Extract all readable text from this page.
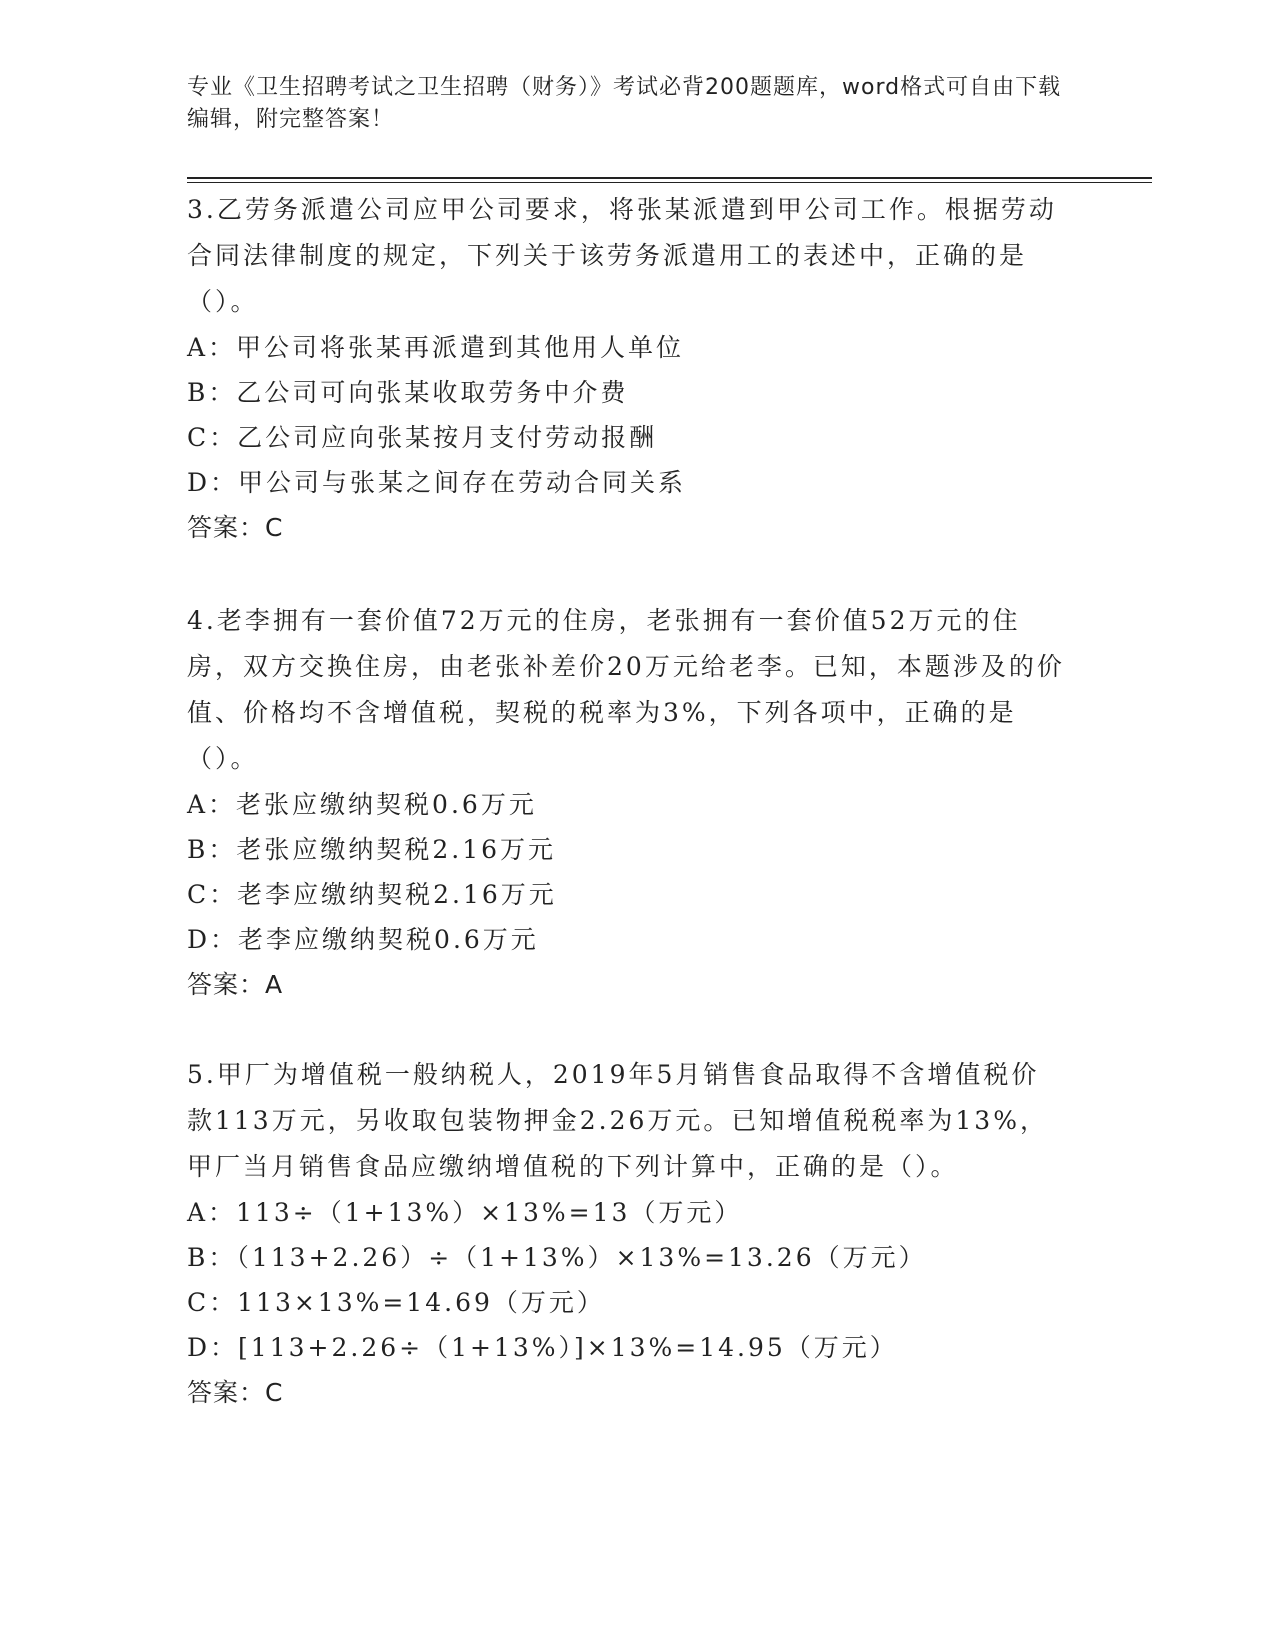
专业《卫生招聘考试之卫生招聘（财务）》考试必背200题题库，word格式可自由下载编辑，附完整答案！

3.乙劳务派遣公司应甲公司要求，将张某派遣到甲公司工作。根据劳动合同法律制度的规定，下列关于该劳务派遣用工的表述中，正确的是（）。

A：甲公司将张某再派遣到其他用人单位

B：乙公司可向张某收取劳务中介费

C：乙公司应向张某按月支付劳动报酬

D：甲公司与张某之间存在劳动合同关系

答案：C

4.老李拥有一套价值72万元的住房，老张拥有一套价值52万元的住房，双方交换住房，由老张补差价20万元给老李。已知，本题涉及的价值、价格均不含增值税，契税的税率为3%，下列各项中，正确的是（）。

A：老张应缴纳契税0.6万元

B：老张应缴纳契税2.16万元

C：老李应缴纳契税2.16万元

D：老李应缴纳契税0.6万元

答案：A

5.甲厂为增值税一般纳税人，2019年5月销售食品取得不含增值税价款113万元，另收取包装物押金2.26万元。已知增值税税率为13%，甲厂当月销售食品应缴纳增值税的下列计算中，正确的是（）。

A：113÷（1+13%）×13%=13（万元）

B：（113+2.26）÷（1+13%）×13%=13.26（万元）

C：113×13%=14.69（万元）

D：[113+2.26÷（1+13%）]×13%=14.95（万元）

答案：C
